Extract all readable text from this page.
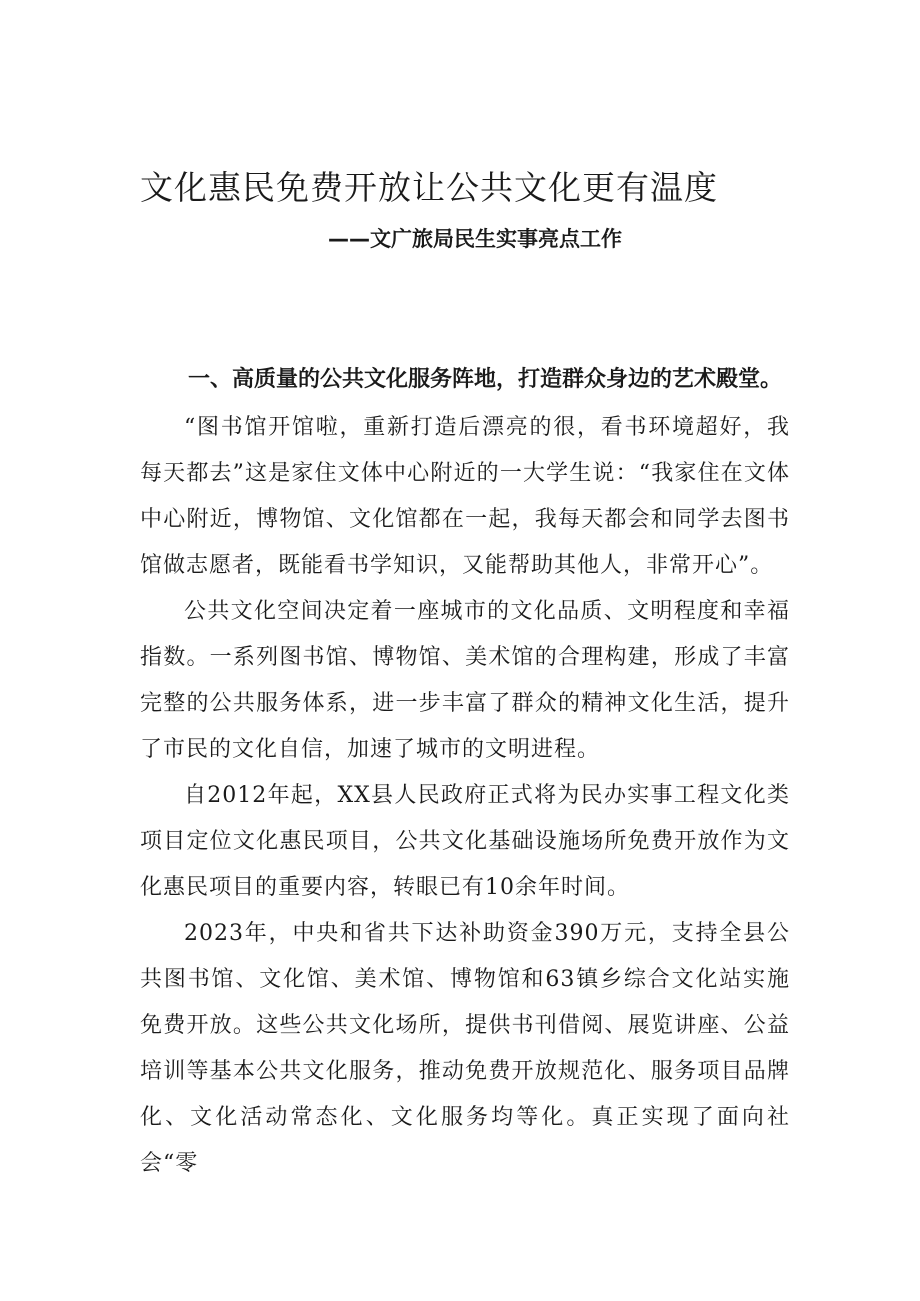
文化惠民免费开放让公共文化更有温度
——文广旅局民生实事亮点工作
一、高质量的公共文化服务阵地，打造群众身边的艺术殿堂。

“图书馆开馆啦，重新打造后漂亮的很，看书环境超好，我每天都去”这是家住文体中心附近的一大学生说：“我家住在文体中心附近，博物馆、文化馆都在一起，我每天都会和同学去图书馆做志愿者，既能看书学知识，又能帮助其他人，非常开心”。

公共文化空间决定着一座城市的文化品质、文明程度和幸福指数。一系列图书馆、博物馆、美术馆的合理构建，形成了丰富完整的公共服务体系，进一步丰富了群众的精神文化生活，提升了市民的文化自信，加速了城市的文明进程。

自2012年起，XX县人民政府正式将为民办实事工程文化类项目定位文化惠民项目，公共文化基础设施场所免费开放作为文化惠民项目的重要内容，转眼已有10余年时间。

2023年，中央和省共下达补助资金390万元，支持全县公共图书馆、文化馆、美术馆、博物馆和63镇乡综合文化站实施免费开放。这些公共文化场所，提供书刊借阅、展览讲座、公益培训等基本公共文化服务，推动免费开放规范化、服务项目品牌化、文化活动常态化、文化服务均等化。真正实现了面向社会“零
